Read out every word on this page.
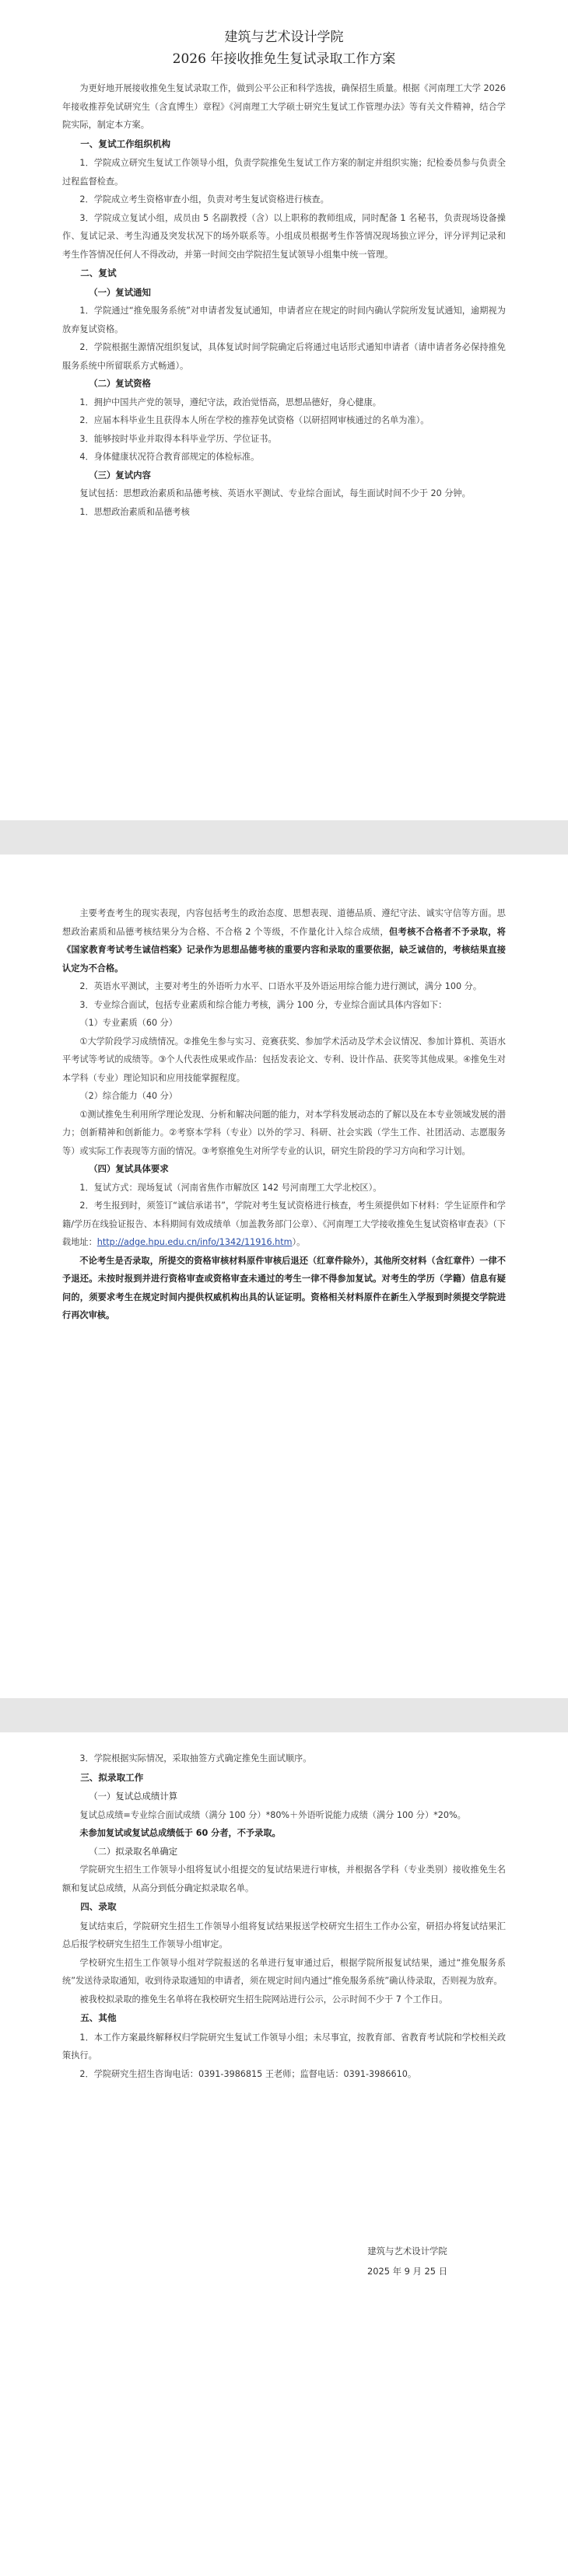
建筑与艺术设计学院
2026 年接收推免生复试录取工作方案

为更好地开展接收推免生复试录取工作，做到公平公正和科学选拔，确保招生质量。根据《河南理工大学 2026 年接收推荐免试研究生（含直博生）章程》《河南理工大学硕士研究生复试工作管理办法》等有关文件精神，结合学院实际，制定本方案。

一、复试工作组织机构

1．学院成立研究生复试工作领导小组，负责学院推免生复试工作方案的制定并组织实施；纪检委员参与负责全过程监督检查。

2．学院成立考生资格审查小组，负责对考生复试资格进行核查。

3．学院成立复试小组，成员由 5 名副教授（含）以上职称的教师组成，同时配备 1 名秘书，负责现场设备操作、复试记录、考生沟通及突发状况下的场外联系等。小组成员根据考生作答情况现场独立评分，评分评判记录和考生作答情况任何人不得改动，并第一时间交由学院招生复试领导小组集中统一管理。

二、复试

（一）复试通知

1．学院通过“推免服务系统”对申请者发复试通知，申请者应在规定的时间内确认学院所发复试通知，逾期视为放弃复试资格。

2．学院根据生源情况组织复试，具体复试时间学院确定后将通过电话形式通知申请者（请申请者务必保持推免服务系统中所留联系方式畅通）。

（二）复试资格

1．拥护中国共产党的领导，遵纪守法，政治觉悟高，思想品德好，身心健康。

2．应届本科毕业生且获得本人所在学校的推荐免试资格（以研招网审核通过的名单为准）。

3．能够按时毕业并取得本科毕业学历、学位证书。

4．身体健康状况符合教育部规定的体检标准。

（三）复试内容

复试包括：思想政治素质和品德考核、英语水平测试、专业综合面试，每生面试时间不少于 20 分钟。

1．思想政治素质和品德考核

主要考查考生的现实表现，内容包括考生的政治态度、思想表现、道德品质、遵纪守法、诚实守信等方面。思想政治素质和品德考核结果分为合格、不合格 2 个等级，不作量化计入综合成绩，但考核不合格者不予录取，将《国家教育考试考生诚信档案》记录作为思想品德考核的重要内容和录取的重要依据，缺乏诚信的，考核结果直接认定为不合格。

2．英语水平测试，主要对考生的外语听力水平、口语水平及外语运用综合能力进行测试，满分 100 分。

3．专业综合面试，包括专业素质和综合能力考核，满分 100 分，专业综合面试具体内容如下：

（1）专业素质（60 分）

①大学阶段学习成绩情况。②推免生参与实习、竞赛获奖、参加学术活动及学术会议情况、参加计算机、英语水平考试等考试的成绩等。③个人代表性成果或作品：包括发表论文、专利、设计作品、获奖等其他成果。④推免生对本学科（专业）理论知识和应用技能掌握程度。

（2）综合能力（40 分）

①测试推免生利用所学理论发现、分析和解决问题的能力，对本学科发展动态的了解以及在本专业领域发展的潜力；创新精神和创新能力。②考察本学科（专业）以外的学习、科研、社会实践（学生工作、社团活动、志愿服务等）或实际工作表现等方面的情况。③考察推免生对所学专业的认识，研究生阶段的学习方向和学习计划。

（四）复试具体要求

1．复试方式：现场复试（河南省焦作市解放区 142 号河南理工大学北校区）。

2．考生报到时，须签订“诚信承诺书”，学院对考生复试资格进行核查，考生须提供如下材料：学生证原件和学籍/学历在线验证报告、本科期间有效成绩单（加盖教务部门公章）、《河南理工大学接收推免生复试资格审查表》（下载地址：http://adge.hpu.edu.cn/info/1342/11916.htm）。

不论考生是否录取，所提交的资格审核材料原件审核后退还（红章件除外），其他所交材料（含红章件）一律不予退还。未按时报到并进行资格审查或资格审查未通过的考生一律不得参加复试。对考生的学历（学籍）信息有疑问的，须要求考生在规定时间内提供权威机构出具的认证证明。资格相关材料原件在新生入学报到时须提交学院进行再次审核。

3．学院根据实际情况，采取抽签方式确定推免生面试顺序。

三、拟录取工作

（一）复试总成绩计算

复试总成绩=专业综合面试成绩（满分 100 分）*80%＋外语听说能力成绩（满分 100 分）*20%。

未参加复试或复试总成绩低于 60 分者，不予录取。

（二）拟录取名单确定

学院研究生招生工作领导小组将复试小组提交的复试结果进行审核，并根据各学科（专业类别）接收推免生名额和复试总成绩，从高分到低分确定拟录取名单。

四、录取

复试结束后，学院研究生招生工作领导小组将复试结果报送学校研究生招生工作办公室，研招办将复试结果汇总后报学校研究生招生工作领导小组审定。

学校研究生招生工作领导小组对学院报送的名单进行复审通过后，根据学院所报复试结果，通过“推免服务系统”发送待录取通知，收到待录取通知的申请者，须在规定时间内通过“推免服务系统”确认待录取，否则视为放弃。

被我校拟录取的推免生名单将在我校研究生招生院网站进行公示，公示时间不少于 7 个工作日。

五、其他

1．本工作方案最终解释权归学院研究生复试工作领导小组；未尽事宜，按教育部、省教育考试院和学校相关政策执行。

2．学院研究生招生咨询电话：0391-3986815 王老师；监督电话：0391-3986610。

建筑与艺术设计学院

2025 年 9 月 25 日
